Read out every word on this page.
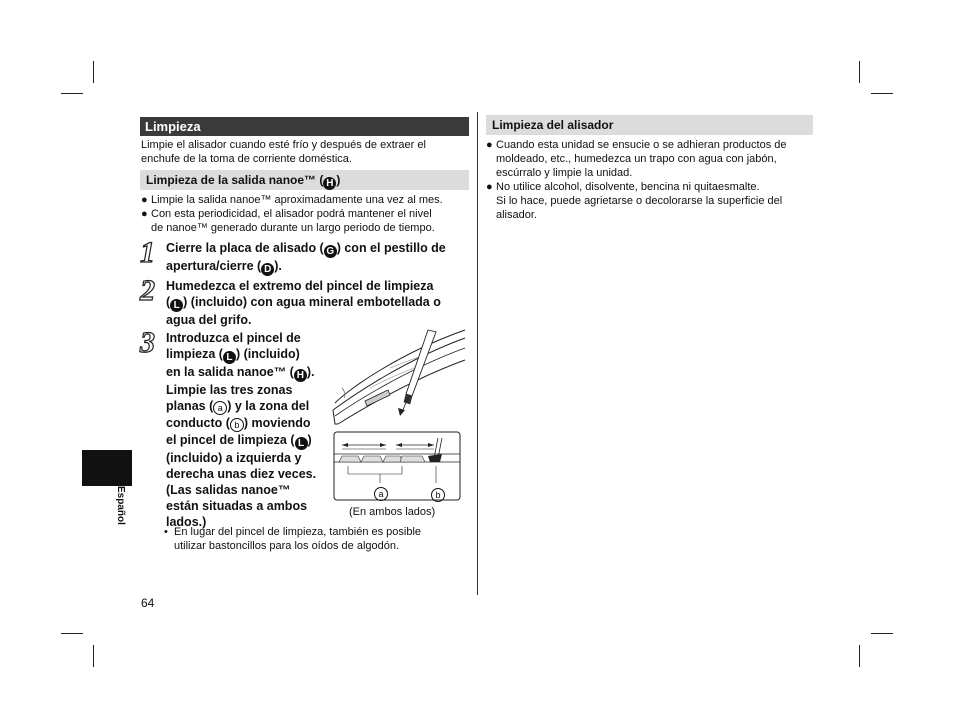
Español
Limpieza
Limpie el alisador cuando esté frío y después de extraer el
enchufe de la toma de corriente doméstica.
Limpieza de la salida nanoe™ ( H )
● Limpie la salida nanoe™ aproximadamente una vez al mes.
● Con esta periodicidad, el alisador podrá mantener el nivel
de nanoe™ generado durante un largo periodo de tiempo.
1 Cierre la placa de alisado ( G ) con el pestillo de
apertura/cierre ( D ).
2 Humedezca el extremo del pincel de limpieza
( L ) (incluido) con agua mineral embotellada o
agua del grifo.
3 Introduzca el pincel de
limpieza ( L ) (incluido)
en la salida nanoe™ ( H ).
Limpie las tres zonas
planas ( a ) y la zona del
conducto ( b ) moviendo
el pincel de limpieza ( L )
(incluido) a izquierda y
derecha unas diez veces.
(Las salidas nanoe™
están situadas a ambos
lados.)
a	b
(En ambos lados)
• En lugar del pincel de limpieza, también es posible
utilizar bastoncillos para los oídos de algodón.
Limpieza del alisador
● Cuando esta unidad se ensucie o se adhieran productos de
moldeado, etc., humedezca un trapo con agua con jabón,
escúrralo y limpie la unidad.
● No utilice alcohol, disolvente, bencina ni quitaesmalte.
Si lo hace, puede agrietarse o decolorarse la superficie del
alisador.
64
